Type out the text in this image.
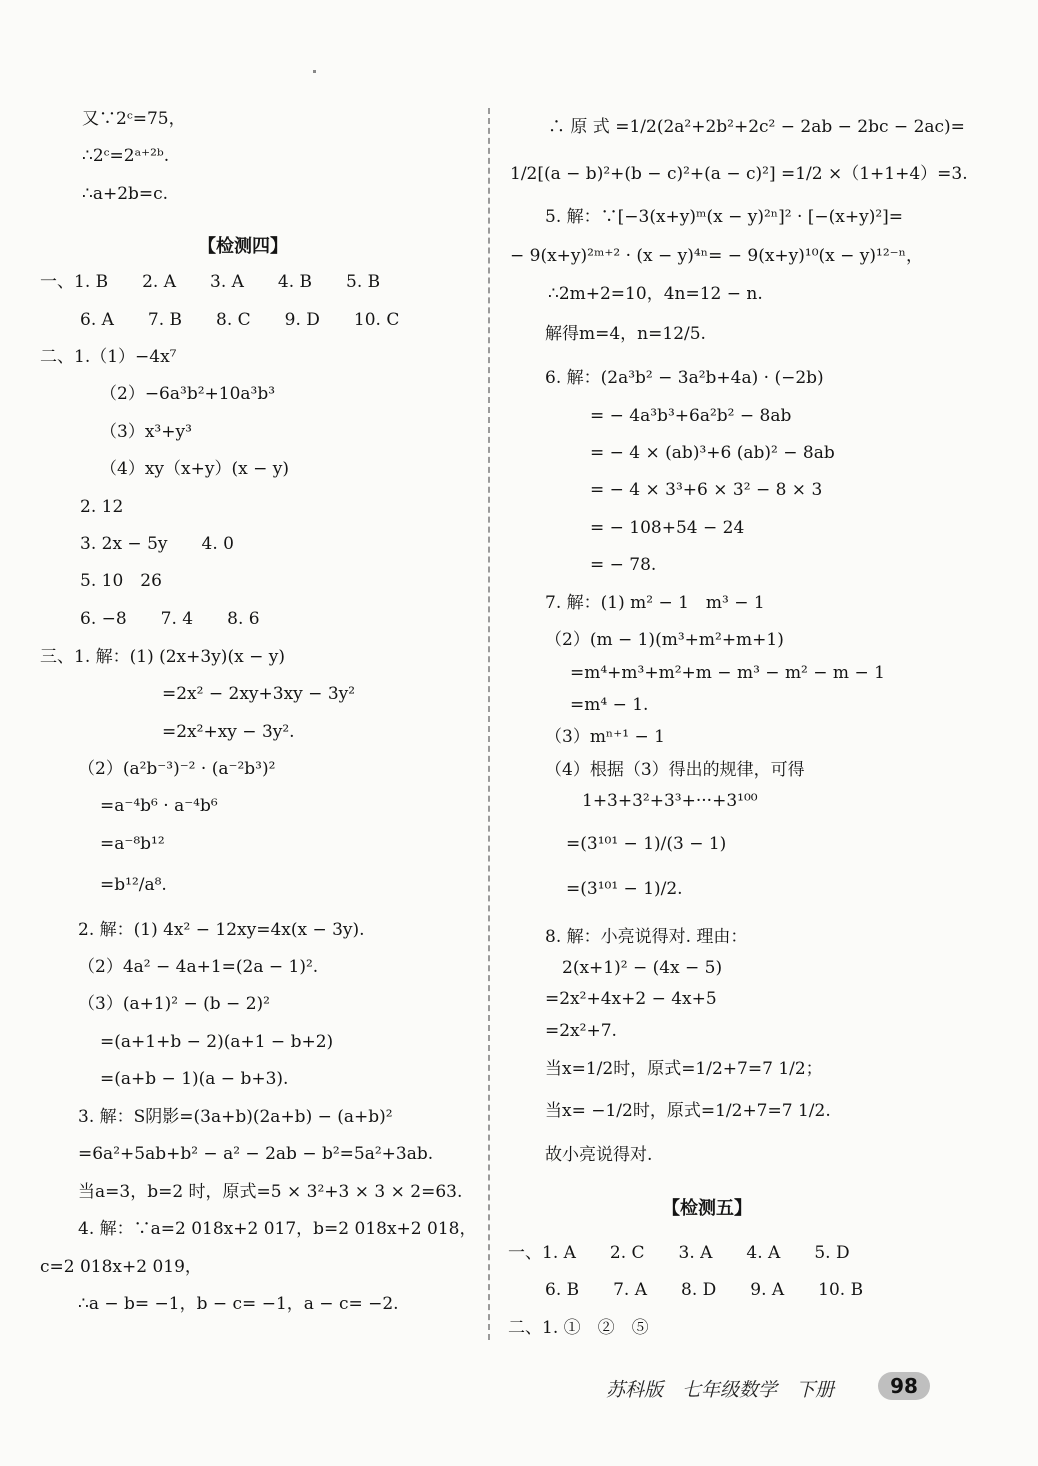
又∵2ᶜ=75，
∴2ᶜ=2ᵃ⁺²ᵇ.
∴a+2b=c.
【检测四】
一、1. B　　2. A　　3. A　　4. B　　5. B
6. A　　7. B　　8. C　　9. D　　10. C
二、1.（1）−4x⁷
（2）−6a³b²+10a³b³
（3）x³+y³
（4）xy（x+y）(x − y)
2. 12
3. 2x − 5y　　4. 0
5. 10　26
6. −8　　7. 4　　8. 6
三、1. 解：(1) (2x+3y)(x − y)
=2x² − 2xy+3xy − 3y²
=2x²+xy − 3y².
（2）(a²b⁻³)⁻² · (a⁻²b³)²
=a⁻⁴b⁶ · a⁻⁴b⁶
=a⁻⁸b¹²
=b¹²/a⁸.
2. 解：(1) 4x² − 12xy=4x(x − 3y).
（2）4a² − 4a+1=(2a − 1)².
（3）(a+1)² − (b − 2)²
=(a+1+b − 2)(a+1 − b+2)
=(a+b − 1)(a − b+3).
3. 解：S阴影=(3a+b)(2a+b) − (a+b)²
=6a²+5ab+b² − a² − 2ab − b²=5a²+3ab.
当a=3，b=2 时，原式=5 × 3²+3 × 3 × 2=63.
4. 解：∵a=2 018x+2 017，b=2 018x+2 018，
c=2 018x+2 019，
∴a − b= −1，b − c= −1，a − c= −2.
∴ 原 式 =1/2(2a²+2b²+2c² − 2ab − 2bc − 2ac)=
1/2[(a − b)²+(b − c)²+(a − c)²] =1/2 ×（1+1+4）=3.
5. 解：∵[−3(x+y)ᵐ(x − y)²ⁿ]² · [−(x+y)²]=
− 9(x+y)²ᵐ⁺² · (x − y)⁴ⁿ= − 9(x+y)¹⁰(x − y)¹²⁻ⁿ，
∴2m+2=10，4n=12 − n.
解得m=4，n=12/5.
6. 解：(2a³b² − 3a²b+4a) · (−2b)
= − 4a³b³+6a²b² − 8ab
= − 4 × (ab)³+6 (ab)² − 8ab
= − 4 × 3³+6 × 3² − 8 × 3
= − 108+54 − 24
= − 78.
7. 解：(1) m² − 1　m³ − 1
（2）(m − 1)(m³+m²+m+1)
=m⁴+m³+m²+m − m³ − m² − m − 1
=m⁴ − 1.
（3）mⁿ⁺¹ − 1
（4）根据（3）得出的规律，可得
1+3+3²+3³+···+3¹⁰⁰
=(3¹⁰¹ − 1)/(3 − 1)
=(3¹⁰¹ − 1)/2.
8. 解：小亮说得对. 理由：
2(x+1)² − (4x − 5)
=2x²+4x+2 − 4x+5
=2x²+7.
当x=1/2时，原式=1/2+7=7 1/2；
当x= −1/2时，原式=1/2+7=7 1/2.
故小亮说得对.
【检测五】
一、1. A　　2. C　　3. A　　4. A　　5. D
6. B　　7. A　　8. D　　9. A　　10. B
二、1. ①　②　⑤
苏科版　七年级数学　下册	98
